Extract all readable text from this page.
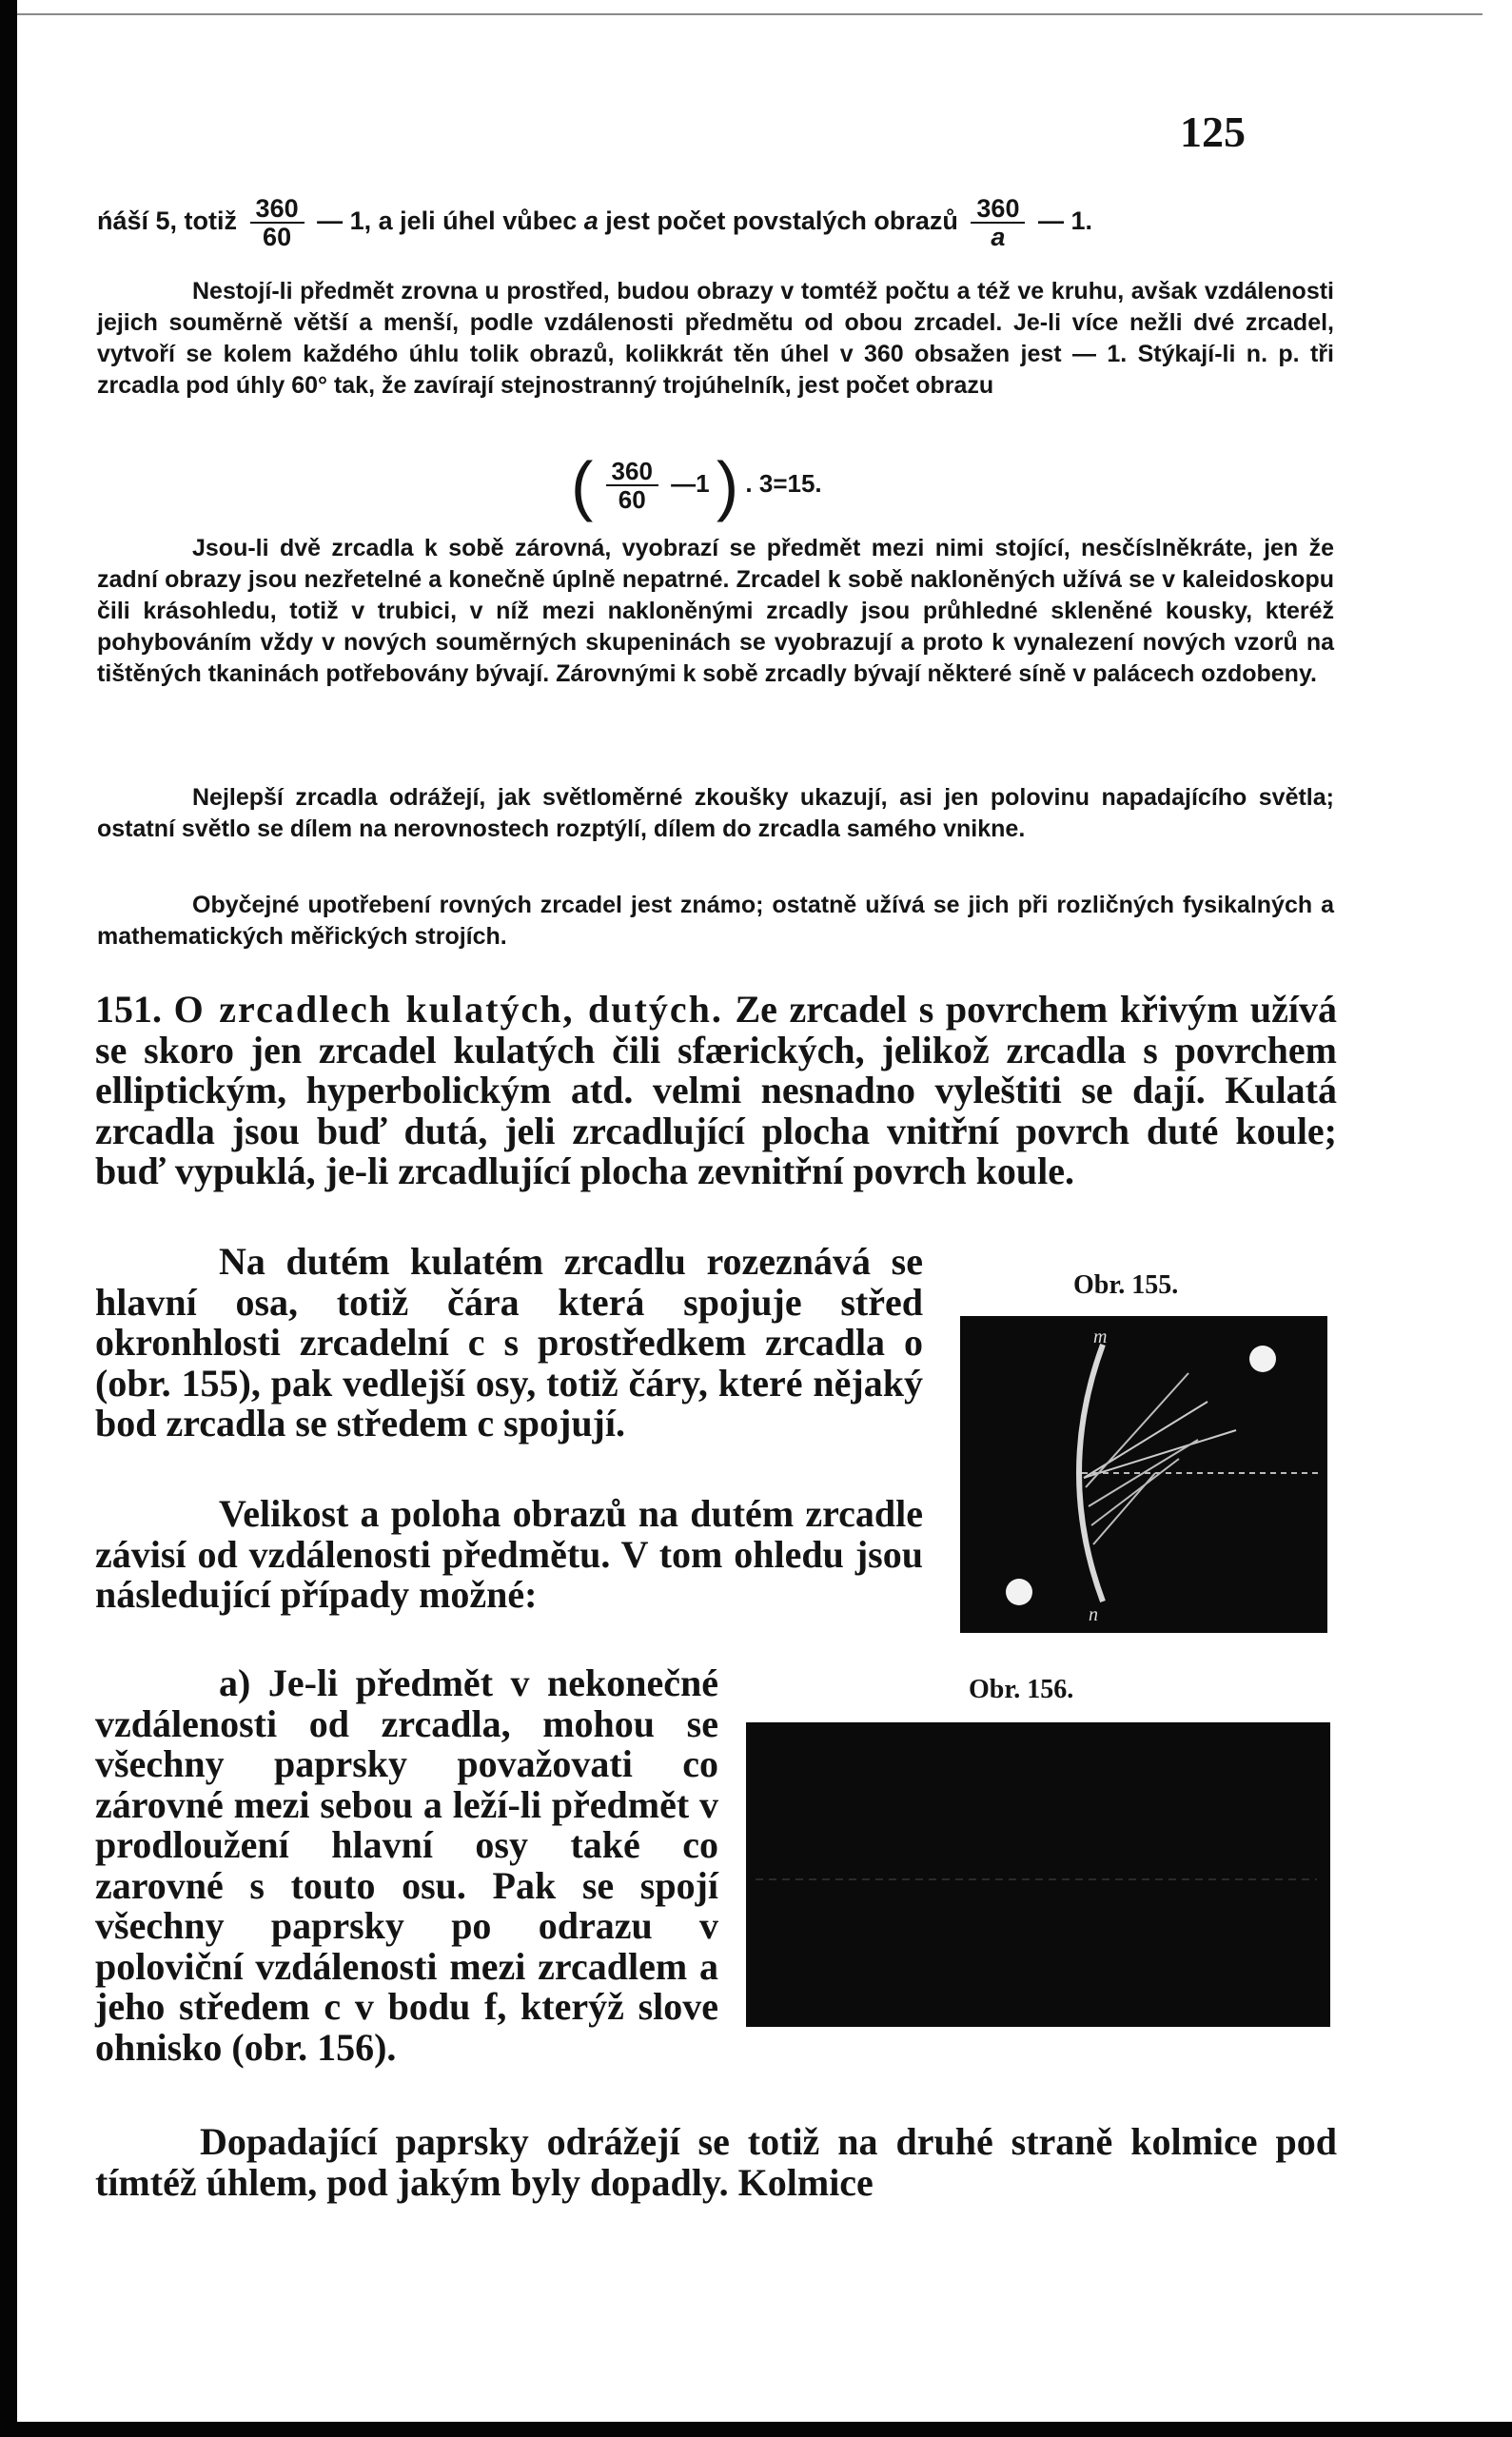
125
ńáší 5, totiž $\frac{360}{60}$ — 1, a jeli úhel vůbec a jest počet povstalých obrazů $\frac{360}{a}$ — 1.
Nestojí-li předmět zrovna u prostřed, budou obrazy v tomtéž počtu a též ve kruhu, avšak vzdálenosti jejich souměrně větší a menší, podle vzdálenosti předmětu od obou zrcadel. Je-li více nežli dvé zrcadel, vytvoří se kolem každého úhlu tolik obrazů, kolikkrát těn úhel v 360 obsažen jest — 1. Stýkají-li n. p. tři zrcadla pod úhly 60° tak, že zavírají stejnostranný trojúhelník, jest počet obrazu
( $\frac{360}{60}$ —1 ) . 3=15.
Jsou-li dvě zrcadla k sobě zárovná, vyobrazí se předmět mezi nimi stojící, nesčíslněkráte, jen že zadní obrazy jsou nezřetelné a konečně úplně nepatrné. Zrcadel k sobě nakloněných užívá se v kaleidoskopu čili krásohledu, totiž v trubici, v níž mezi nakloněnými zrcadly jsou průhledné skleněné kousky, kteréž pohybováním vždy v nových souměrných skupeninách se vyobrazují a proto k vynalezení nových vzorů na tištěných tkaninách potřebovány bývají. Zárovnými k sobě zrcadly bývají některé síně v palácech ozdobeny.
Nejlepší zrcadla odrážejí, jak světloměrné zkoušky ukazují, asi jen polovinu napadajícího světla; ostatní světlo se dílem na nerovnostech rozptýlí, dílem do zrcadla samého vnikne.
Obyčejné upotřebení rovných zrcadel jest známo; ostatně užívá se jich při rozličných fysikalných a mathematických měřických strojích.
151. O zrcadlech kulatých, dutých. Ze zrcadel s povrchem křivým užívá se skoro jen zrcadel kulatých čili sfærických, jelikož zrcadla s povrchem elliptickým, hyperbolickým atd. velmi nesnadno vyleštiti se dají. Kulatá zrcadla jsou buď dutá, jeli zrcadlující plocha vnitřní povrch duté koule; buď vypuklá, je-li zrcadlující plocha zevnitřní povrch koule.
Na dutém kulatém zrcadlu rozeznává se hlavní osa, totiž čára která spojuje střed okronhlosti zrcadelní c s prostředkem zrcadla o (obr. 155), pak vedlejší osy, totiž čáry, které nějaký bod zrcadla se středem c spojují.
Velikost a poloha obrazů na dutém zrcadle závisí od vzdálenosti předmětu. V tom ohledu jsou následující případy možné:
a) Je-li předmět v nekonečné vzdálenosti od zrcadla, mohou se všechny paprsky považovati co zárovné mezi sebou a leží-li předmět v prodloužení hlavní osy také co zarovné s touto osu. Pak se spojí všechny paprsky po odrazu v poloviční vzdálenosti mezi zrcadlem a jeho středem c v bodu f, kterýž slove ohnisko (obr. 156).
Dopadající paprsky odrážejí se totiž na druhé straně kolmice pod tímtéž úhlem, pod jakým byly dopadly. Kolmice
Obr. 155.
m
n
Obr. 156.
